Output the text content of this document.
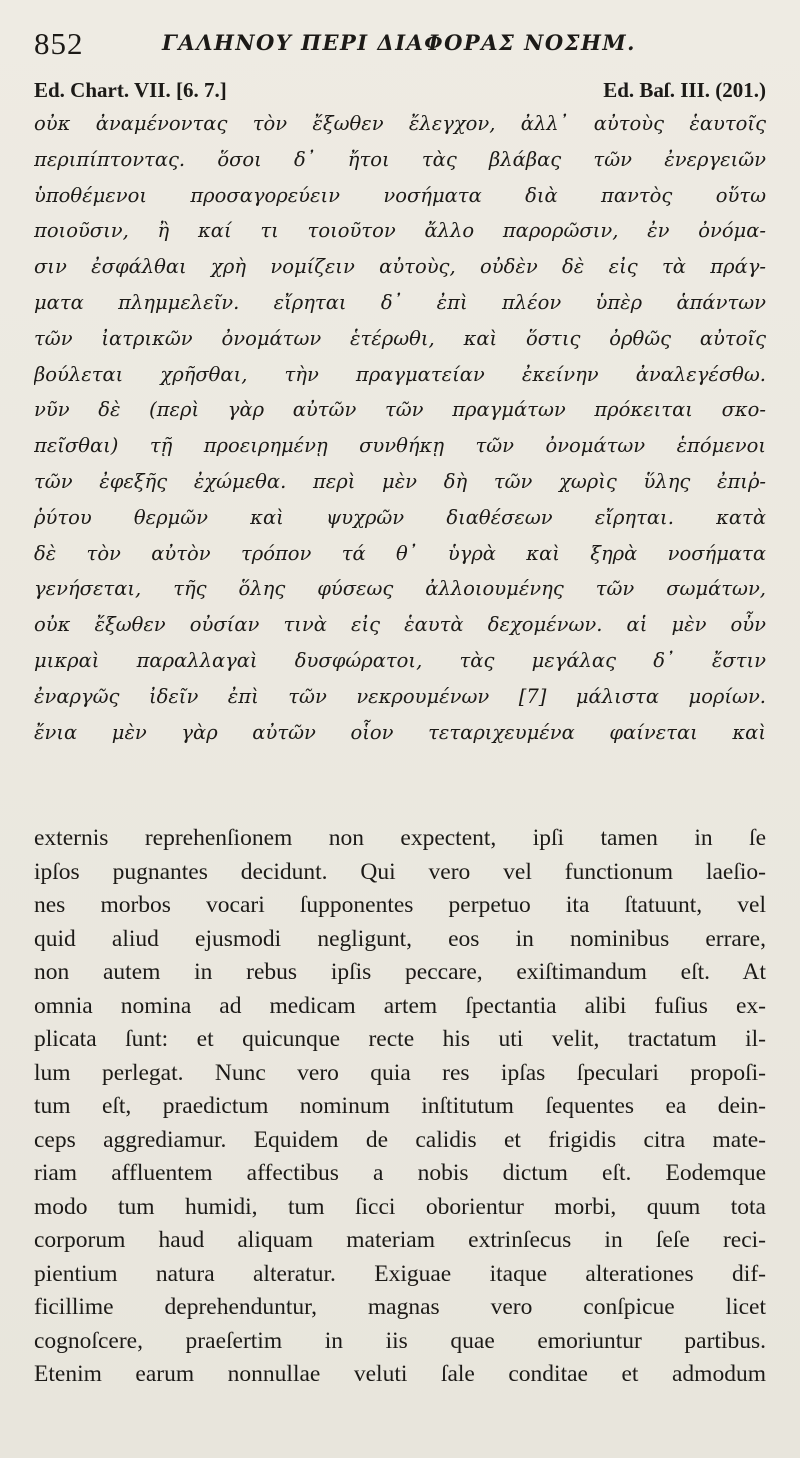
852	ΓΑΛΗΝΟΥ ΠΕΡΙ ΔΙΑΦΟΡΑΣ ΝΟΣΗΜ.
Ed. Chart. VII. [6. 7.]	Ed. Baſ. III. (201.)
οὐκ ἀναμένοντας τὸν ἔξωθεν ἔλεγχον, ἀλλ᾽ αὐτοὺς ἑαυτοῖς
περιπίπτοντας. ὅσοι δ᾽ ἤτοι τὰς βλάβας τῶν ἐνεργειῶν
ὑποθέμενοι προσαγορεύειν νοσήματα διὰ παντὸς οὕτω
ποιοῦσιν, ἢ καί τι τοιοῦτον ἄλλο παρορῶσιν, ἐν ὀνόμα-
σιν ἐσφάλθαι χρὴ νομίζειν αὐτοὺς, οὐδὲν δὲ εἰς τὰ πράγ-
ματα πλημμελεῖν. εἴρηται δ᾽ ἐπὶ πλέον ὑπὲρ ἁπάντων
τῶν ἰατρικῶν ὀνομάτων ἑτέρωθι, καὶ ὅστις ὀρθῶς αὐτοῖς
βούλεται χρῆσθαι, τὴν πραγματείαν ἐκείνην ἀναλεγέσθω.
νῦν δὲ (περὶ γὰρ αὐτῶν τῶν πραγμάτων πρόκειται σκο-
πεῖσθαι) τῇ προειρημένῃ συνθήκῃ τῶν ὀνομάτων ἑπόμενοι
τῶν ἐφεξῆς ἐχώμεθα. περὶ μὲν δὴ τῶν χωρὶς ὕλης ἐπιῤ-
ῥύτου θερμῶν καὶ ψυχρῶν διαθέσεων εἴρηται. κατὰ
δὲ τὸν αὐτὸν τρόπον τά θ᾽ ὑγρὰ καὶ ξηρὰ νοσήματα
γενήσεται, τῆς ὅλης φύσεως ἀλλοιουμένης τῶν σωμάτων,
οὐκ ἔξωθεν οὐσίαν τινὰ εἰς ἑαυτὰ δεχομένων. αἱ μὲν οὖν
μικραὶ παραλλαγαὶ δυσφώρατοι, τὰς μεγάλας δ᾽ ἔστιν
ἐναργῶς ἰδεῖν ἐπὶ τῶν νεκρουμένων [7] μάλιστα μορίων.
ἔνια μὲν γὰρ αὐτῶν οἷον τεταριχευμένα φαίνεται καὶ
externis reprehenſionem non expectent, ipſi tamen in ſe
ipſos pugnantes decidunt. Qui vero vel functionum laeſio-
nes morbos vocari ſupponentes perpetuo ita ſtatuunt, vel
quid aliud ejusmodi negligunt, eos in nominibus errare,
non autem in rebus ipſis peccare, exiſtimandum eſt. At
omnia nomina ad medicam artem ſpectantia alibi fuſius ex-
plicata ſunt: et quicunque recte his uti velit, tractatum il-
lum perlegat. Nunc vero quia res ipſas ſpeculari propoſi-
tum eſt, praedictum nominum inſtitutum ſequentes ea dein-
ceps aggrediamur. Equidem de calidis et frigidis citra mate-
riam affluentem affectibus a nobis dictum eſt. Eodemque
modo tum humidi, tum ſicci oborientur morbi, quum tota
corporum haud aliquam materiam extrinſecus in ſeſe reci-
pientium natura alteratur. Exiguae itaque alterationes dif-
ficillime deprehenduntur, magnas vero conſpicue licet
cognoſcere, praeſertim in iis quae emoriuntur partibus.
Etenim earum nonnullae veluti ſale conditae et admodum
